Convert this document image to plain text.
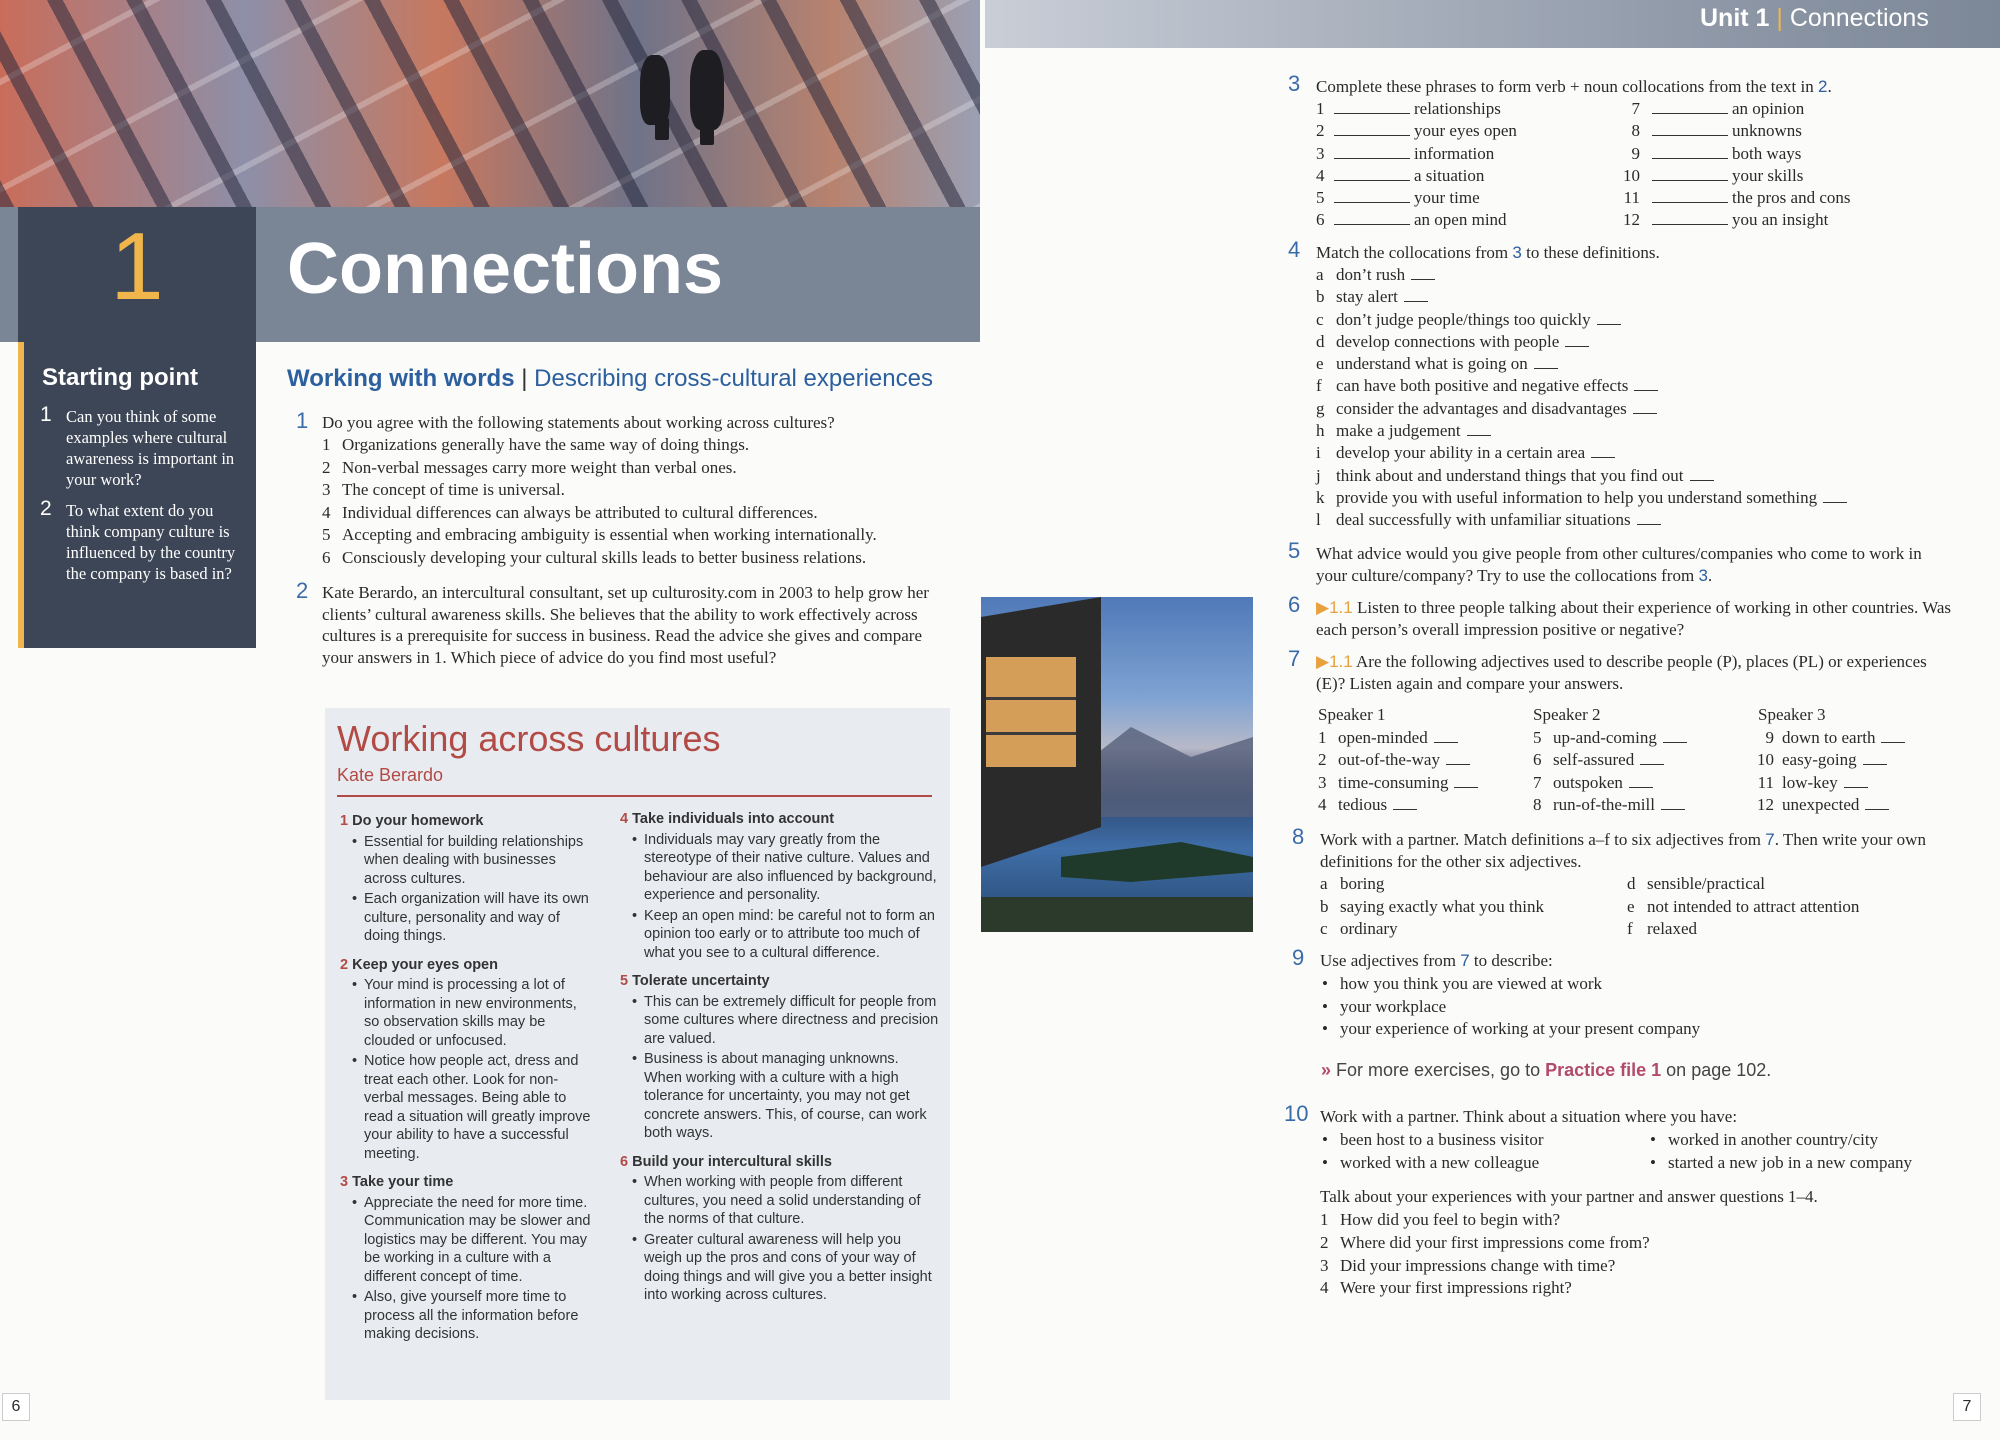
1	Connections
Starting point
1 Can you think of some examples where cultural awareness is important in your work?
2 To what extent do you think company culture is influenced by the country the company is based in?
Working with words | Describing cross-cultural experiences
1 Do you agree with the following statements about working across cultures?
1 Organizations generally have the same way of doing things.
2 Non-verbal messages carry more weight than verbal ones.
3 The concept of time is universal.
4 Individual differences can always be attributed to cultural differences.
5 Accepting and embracing ambiguity is essential when working internationally.
6 Consciously developing your cultural skills leads to better business relations.
2 Kate Berardo, an intercultural consultant, set up culturosity.com in 2003 to help grow her clients’ cultural awareness skills. She believes that the ability to work effectively across cultures is a prerequisite for success in business. Read the advice she gives and compare your answers in 1. Which piece of advice do you find most useful?
Working across cultures
Kate Berardo
1 Do your homework
• Essential for building relationships when dealing with businesses across cultures.
• Each organization will have its own culture, personality and way of doing things.
2 Keep your eyes open
• Your mind is processing a lot of information in new environments, so observation skills may be clouded or unfocused.
• Notice how people act, dress and treat each other. Look for non-verbal messages. Being able to read a situation will greatly improve your ability to have a successful meeting.
3 Take your time
• Appreciate the need for more time. Communication may be slower and logistics may be different. You may be working in a culture with a different concept of time.
• Also, give yourself more time to process all the information before making decisions.
4 Take individuals into account
• Individuals may vary greatly from the stereotype of their native culture. Values and behaviour are also influenced by background, experience and personality.
• Keep an open mind: be careful not to form an opinion too early or to attribute too much of what you see to a cultural difference.
5 Tolerate uncertainty
• This can be extremely difficult for people from some cultures where directness and precision are valued.
• Business is about managing unknowns. When working with a culture with a high tolerance for uncertainty, you may not get concrete answers. This, of course, can work both ways.
6 Build your intercultural skills
• When working with people from different cultures, you need a solid understanding of the norms of that culture.
• Greater cultural awareness will help you weigh up the pros and cons of your way of doing things and will give you a better insight into working across cultures.
6
Unit 1 | Connections
3 Complete these phrases to form verb + noun collocations from the text in 2.
1	relationships
2	your eyes open
3	information
4	a situation
5	your time
6	an open mind
7	an opinion
8	unknowns
9	both ways
10	your skills
11	the pros and cons
12	you an insight
4 Match the collocations from 3 to these definitions.
a don’t rush
b stay alert
c don’t judge people/things too quickly
d develop connections with people
e understand what is going on
f can have both positive and negative effects
g consider the advantages and disadvantages
h make a judgement
i develop your ability in a certain area
j think about and understand things that you find out
k provide you with useful information to help you understand something
l deal successfully with unfamiliar situations
5 What advice would you give people from other cultures/companies who come to work in your culture/company? Try to use the collocations from 3.
6 ▶1.1 Listen to three people talking about their experience of working in other countries. Was each person’s overall impression positive or negative?
7 ▶1.1 Are the following adjectives used to describe people (P), places (PL) or experiences (E)? Listen again and compare your answers.
Speaker 1
1 open-minded
2 out-of-the-way
3 time-consuming
4 tedious
Speaker 2
5 up-and-coming
6 self-assured
7 outspoken
8 run-of-the-mill
Speaker 3
9 down to earth
10 easy-going
11 low-key
12 unexpected
8 Work with a partner. Match definitions a–f to six adjectives from 7. Then write your own definitions for the other six adjectives.
a boring
b saying exactly what you think
c ordinary
d sensible/practical
e not intended to attract attention
f relaxed
9 Use adjectives from 7 to describe:
• how you think you are viewed at work
• your workplace
• your experience of working at your present company
» For more exercises, go to Practice file 1 on page 102.
10 Work with a partner. Think about a situation where you have:
• been host to a business visitor
• worked with a new colleague
• worked in another country/city
• started a new job in a new company
Talk about your experiences with your partner and answer questions 1–4.
1 How did you feel to begin with?
2 Where did your first impressions come from?
3 Did your impressions change with time?
4 Were your first impressions right?
7
